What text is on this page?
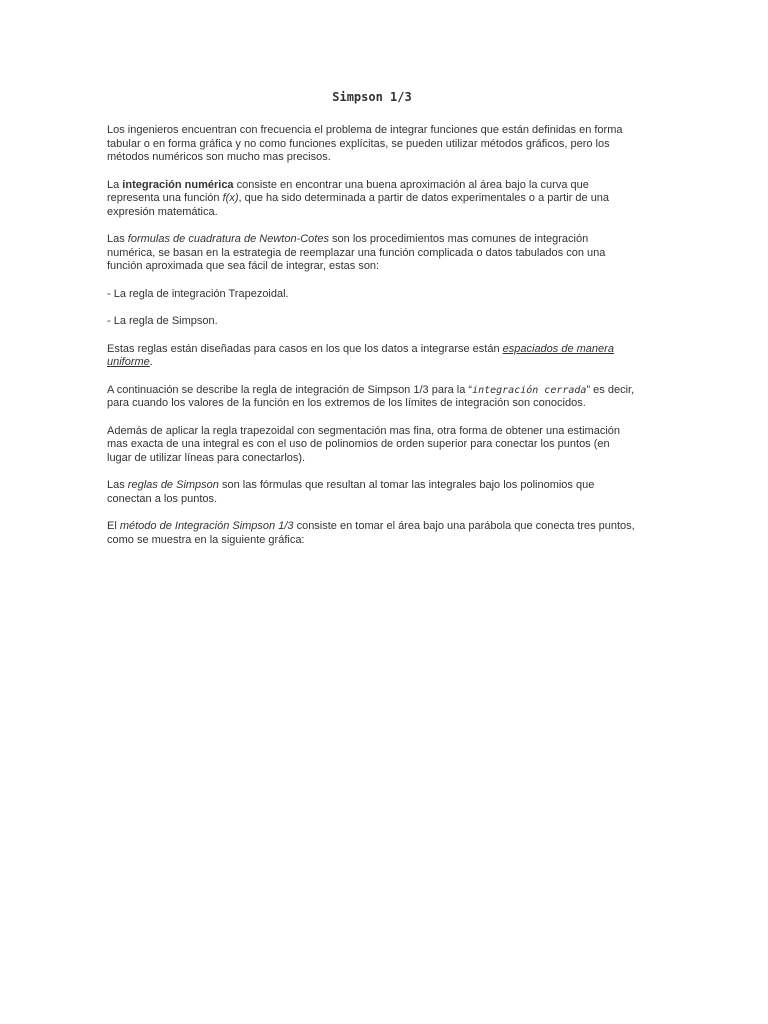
Simpson 1/3

Los ingenieros encuentran con frecuencia el problema de integrar funciones que están definidas en forma tabular o en forma gráfica y no como funciones explícitas, se pueden utilizar métodos gráficos, pero los métodos numéricos son mucho mas precisos.

La integración numérica consiste en encontrar una buena aproximación al área bajo la curva que representa una función f(x), que ha sido determinada a partir de datos experimentales o a partir de una expresión matemática.

Las formulas de cuadratura de Newton-Cotes son los procedimientos mas comunes de integración numérica, se basan en la estrategia de reemplazar una función complicada o datos tabulados con una función aproximada que sea fácil de integrar, estas son:

- La regla de integración Trapezoidal.

- La regla de Simpson.

Estas reglas están diseñadas para casos en los que los datos a integrarse están espaciados de manera uniforme.

A continuación se describe la regla de integración de Simpson 1/3 para la “integración cerrada” es decir, para cuando los valores de la función en los extremos de los límites de integración son conocidos.

Además de aplicar la regla trapezoidal con segmentación mas fina, otra forma de obtener una estimación mas exacta de una integral es con el uso de polinomios de orden superior para conectar los puntos (en lugar de utilizar líneas para conectarlos).

Las reglas de Simpson son las fórmulas que resultan al tomar las integrales bajo los polinomios que conectan a los puntos.

El método de Integración Simpson 1/3 consiste en tomar el área bajo una parábola que conecta tres puntos, como se muestra en la siguiente gráfica:
